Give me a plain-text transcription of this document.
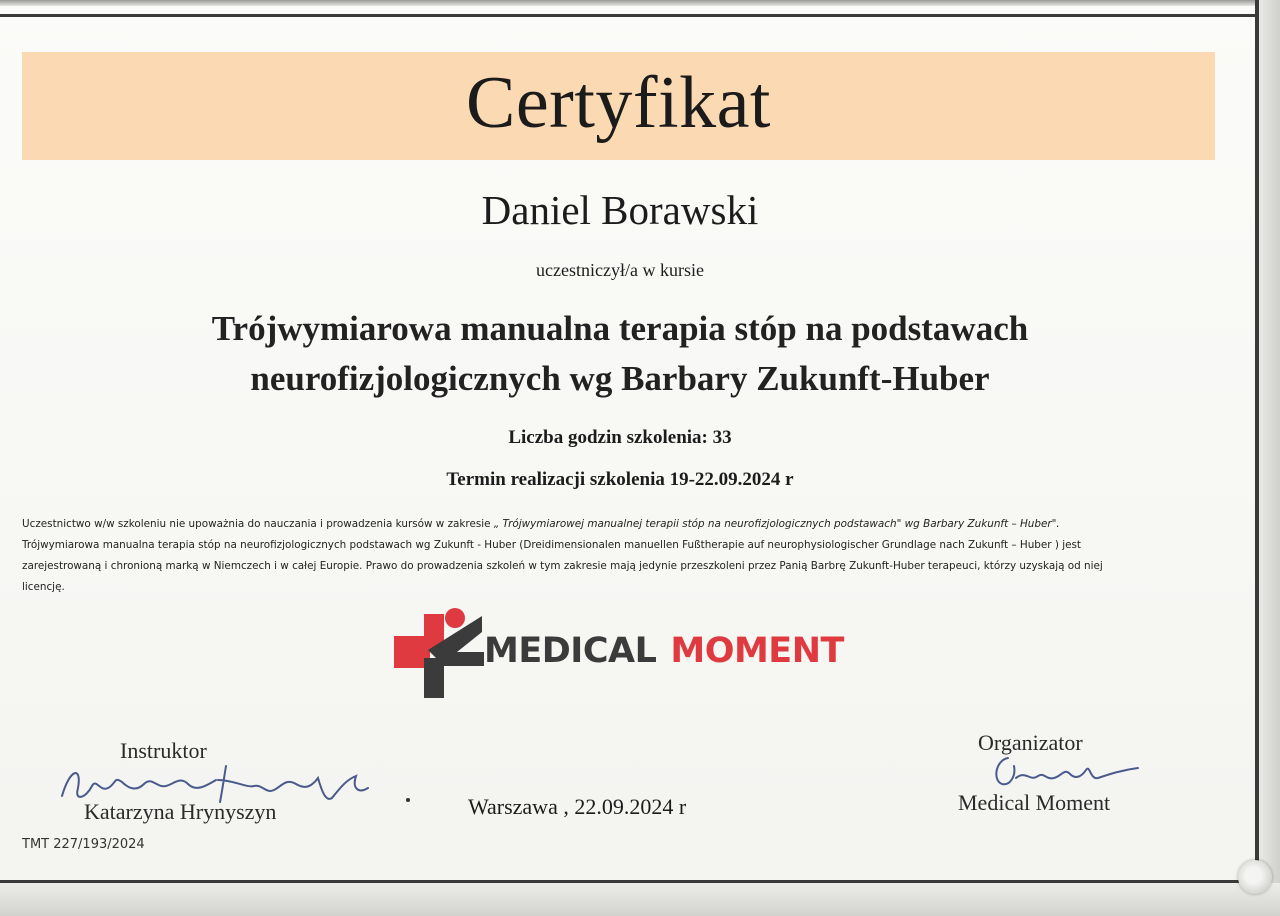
Certyfikat
Daniel Borawski
uczestniczył/a w kursie
Trójwymiarowa manualna terapia stóp na podstawach
neurofizjologicznych wg Barbary Zukunft-Huber
Liczba godzin szkolenia: 33
Termin realizacji szkolenia 19-22.09.2024 r

Uczestnictwo w/w szkoleniu nie upoważnia do nauczania i prowadzenia kursów w zakresie „ Trójwymiarowej manualnej terapii stóp na neurofizjologicznych podstawach" wg Barbary Zukunft – Huber".

Trójwymiarowa manualna terapia stóp na neurofizjologicznych podstawach wg Zukunft - Huber (Dreidimensionalen manuellen Fußtherapie auf neurophysiologischer Grundlage nach Zukunft – Huber ) jest

zarejestrowaną i chronioną marką w Niemczech i w całej Europie. Prawo do prowadzenia szkoleń w tym zakresie mają jedynie przeszkoleni przez Panią Barbrę Zukunft-Huber terapeuci, którzy uzyskają od niej

licencję.

MEDICAL MOMENT
Instruktor
Katarzyna Hrynyszyn	Warszawa , 22.09.2024 r
Organizator
Medical Moment
TMT 227/193/2024
